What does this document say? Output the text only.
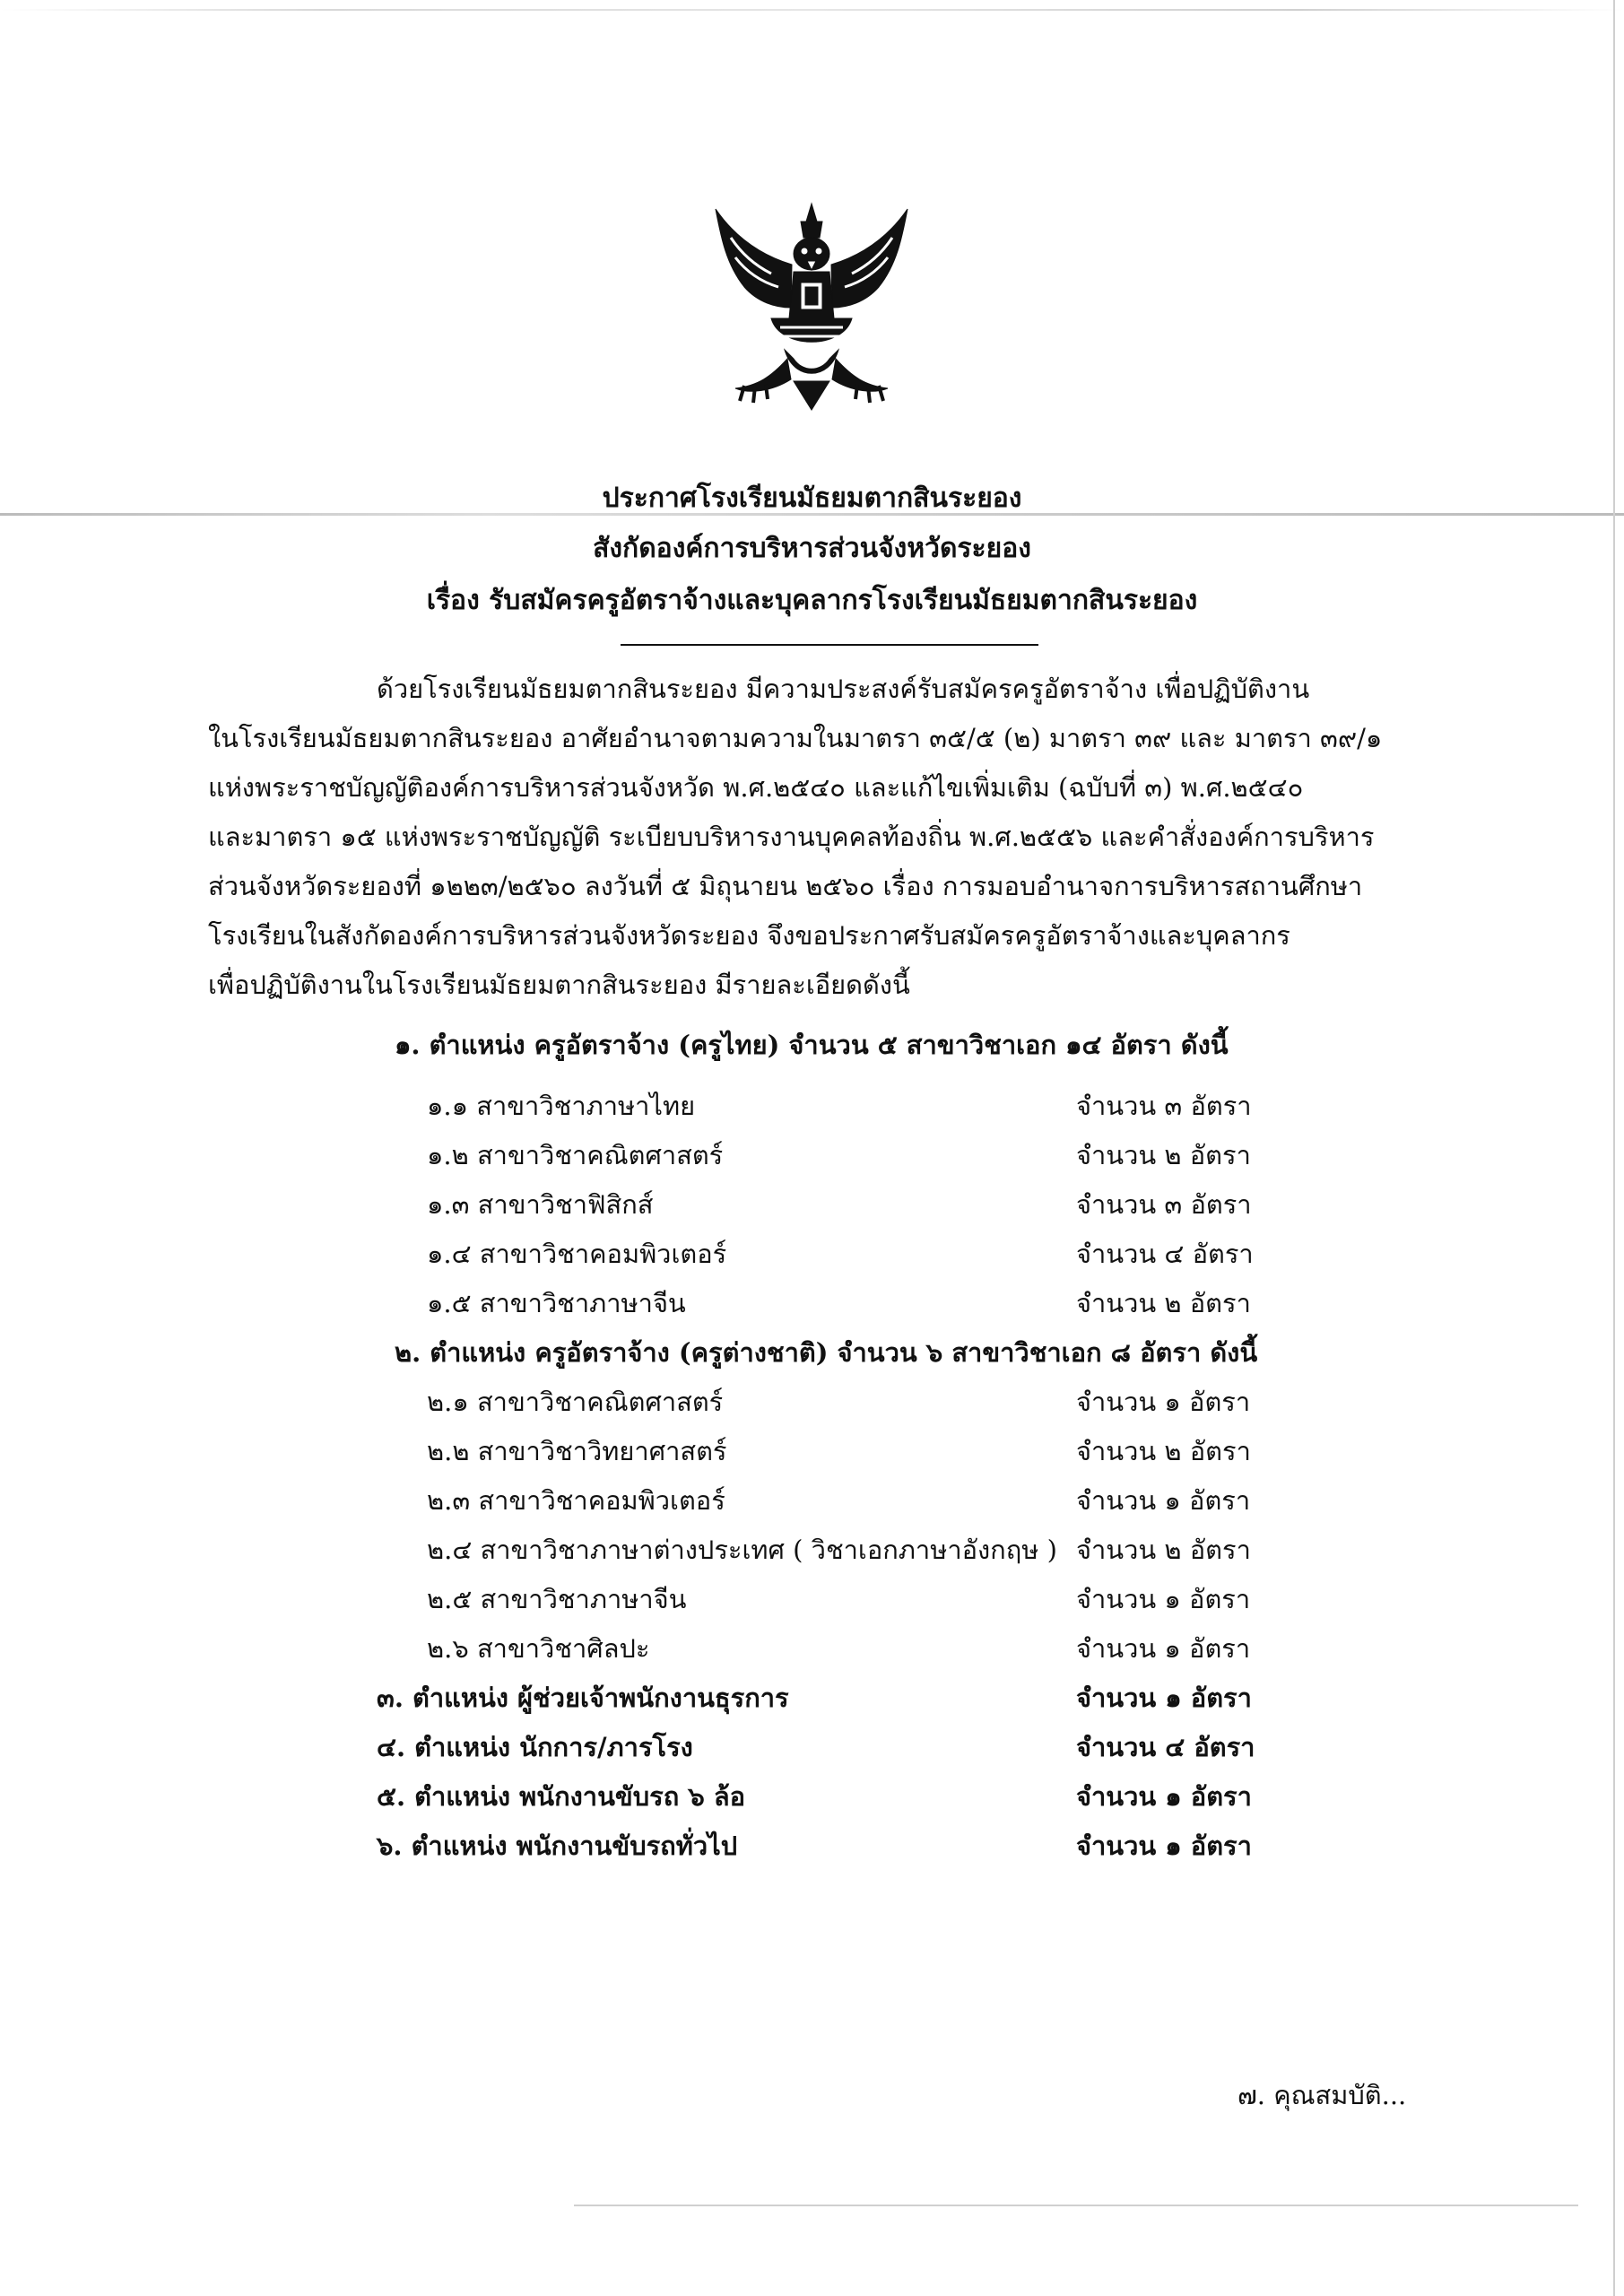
ประกาศโรงเรียนมัธยมตากสินระยอง
สังกัดองค์การบริหารส่วนจังหวัดระยอง
เรื่อง รับสมัครครูอัตราจ้างและบุคลากรโรงเรียนมัธยมตากสินระยอง
ด้วยโรงเรียนมัธยมตากสินระยอง มีความประสงค์รับสมัครครูอัตราจ้าง เพื่อปฏิบัติงาน
ในโรงเรียนมัธยมตากสินระยอง อาศัยอำนาจตามความในมาตรา ๓๕/๕ (๒) มาตรา ๓๙ และ มาตรา ๓๙/๑
แห่งพระราชบัญญัติองค์การบริหารส่วนจังหวัด พ.ศ.๒๕๔๐ และแก้ไขเพิ่มเติม (ฉบับที่ ๓) พ.ศ.๒๕๔๐
และมาตรา ๑๕ แห่งพระราชบัญญัติ ระเบียบบริหารงานบุคคลท้องถิ่น พ.ศ.๒๕๕๖ และคำสั่งองค์การบริหาร
ส่วนจังหวัดระยองที่ ๑๒๒๓/๒๕๖๐ ลงวันที่ ๕ มิถุนายน ๒๕๖๐ เรื่อง การมอบอำนาจการบริหารสถานศึกษา
โรงเรียนในสังกัดองค์การบริหารส่วนจังหวัดระยอง จึงขอประกาศรับสมัครครูอัตราจ้างและบุคลากร
เพื่อปฏิบัติงานในโรงเรียนมัธยมตากสินระยอง มีรายละเอียดดังนี้
๑. ตำแหน่ง ครูอัตราจ้าง (ครูไทย) จำนวน ๕ สาขาวิชาเอก ๑๔ อัตรา ดังนี้
๑.๑ สาขาวิชาภาษาไทย	จำนวน ๓ อัตรา
๑.๒ สาขาวิชาคณิตศาสตร์	จำนวน ๒ อัตรา
๑.๓ สาขาวิชาฟิสิกส์	จำนวน ๓ อัตรา
๑.๔ สาขาวิชาคอมพิวเตอร์	จำนวน ๔ อัตรา
๑.๕ สาขาวิชาภาษาจีน	จำนวน ๒ อัตรา
๒. ตำแหน่ง ครูอัตราจ้าง (ครูต่างชาติ) จำนวน ๖ สาขาวิชาเอก ๘ อัตรา ดังนี้
๒.๑ สาขาวิชาคณิตศาสตร์	จำนวน ๑ อัตรา
๒.๒ สาขาวิชาวิทยาศาสตร์	จำนวน ๒ อัตรา
๒.๓ สาขาวิชาคอมพิวเตอร์	จำนวน ๑ อัตรา
๒.๔ สาขาวิชาภาษาต่างประเทศ ( วิชาเอกภาษาอังกฤษ ) จำนวน ๒ อัตรา
๒.๕ สาขาวิชาภาษาจีน	จำนวน ๑ อัตรา
๒.๖ สาขาวิชาศิลปะ	จำนวน ๑ อัตรา
๓. ตำแหน่ง ผู้ช่วยเจ้าพนักงานธุรการ	จำนวน ๑ อัตรา
๔. ตำแหน่ง นักการ/ภารโรง	จำนวน ๔ อัตรา
๕. ตำแหน่ง พนักงานขับรถ ๖ ล้อ	จำนวน ๑ อัตรา
๖. ตำแหน่ง พนักงานขับรถทั่วไป	จำนวน ๑ อัตรา
๗. คุณสมบัติ...
